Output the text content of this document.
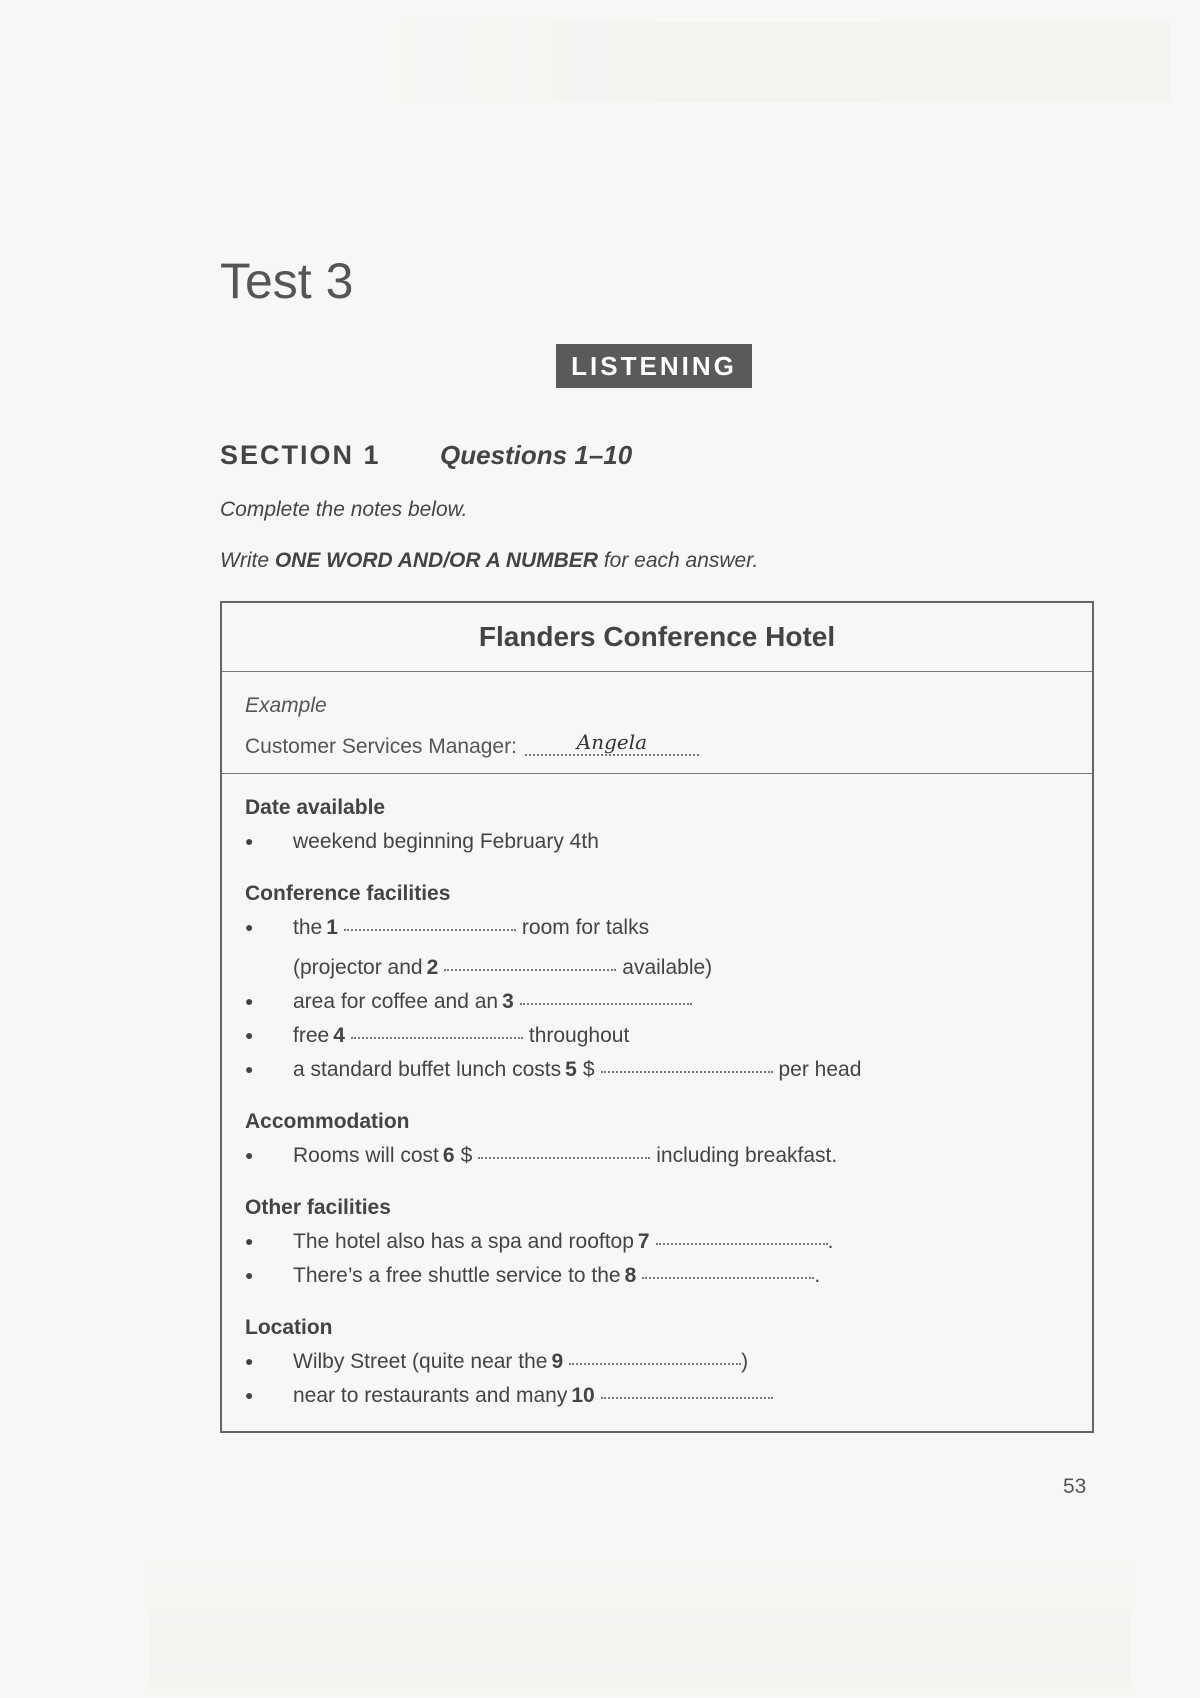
Test 3
LISTENING
SECTION 1	Questions 1–10
Complete the notes below.
Write ONE WORD AND/OR A NUMBER for each answer.
Flanders Conference Hotel
Example
Customer Services Manager:	Angela
Date available
●	weekend beginning February 4th
Conference facilities
●	the 1	room for talks
(projector and 2	available)
●	area for coffee and an 3
●	free 4	throughout
●	a standard buffet lunch costs 5 $	per head
Accommodation
●	Rooms will cost 6 $	including breakfast.
Other facilities
●	The hotel also has a spa and rooftop 7	.
●	There’s a free shuttle service to the 8	.
Location
●	Wilby Street (quite near the 9	)
●	near to restaurants and many 10
53
